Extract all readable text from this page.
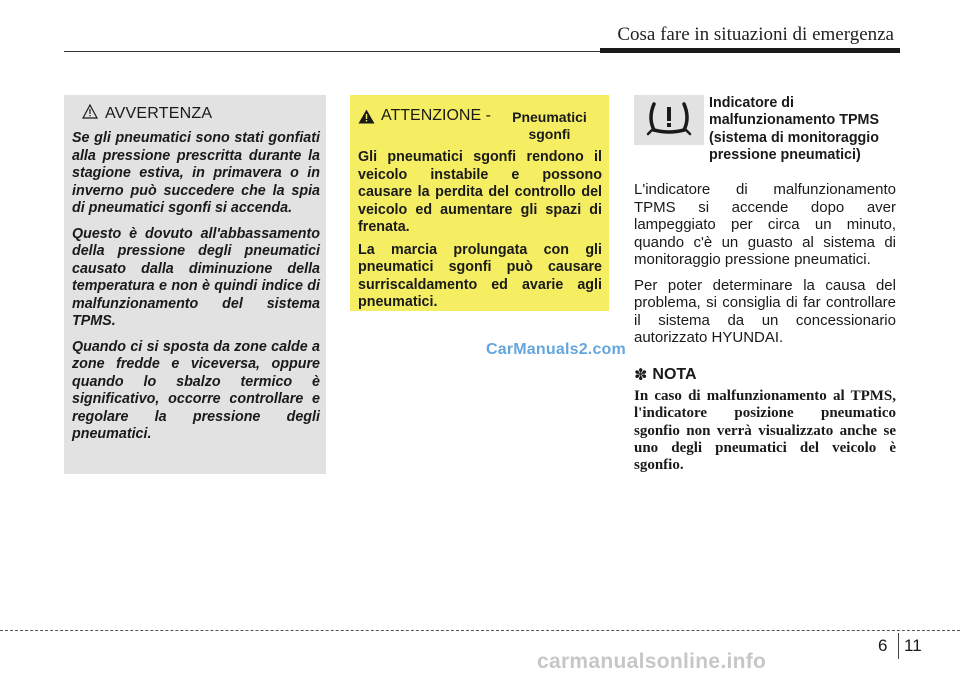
Cosa fare in situazioni di emergenza
AVVERTENZA

Se gli pneumatici sono stati gonfiati alla pressione prescritta durante la stagione estiva, in primavera o in inverno può succedere che la spia di pneumatici sgonfi si accenda.

Questo è dovuto all'abbassamento della pressione degli pneumatici causato dalla diminuzione della temperatura e non è quindi indice di malfunzionamento del sistema TPMS.

Quando ci si sposta da zone calde a zone fredde e viceversa, oppure quando lo sbalzo termico è significativo, occorre controllare e regolare la pressione degli pneumatici.

ATTENZIONE -	Pneumatici sgonfi

Gli pneumatici sgonfi rendono il veicolo instabile e possono causare la perdita del controllo del veicolo ed aumentare gli spazi di frenata.

La marcia prolungata con gli pneumatici sgonfi può causare surriscaldamento ed avarie agli pneumatici.

CarManuals2.com
Indicatore di malfunzionamento TPMS (sistema di monitoraggio pressione pneumatici)

L'indicatore di malfunzionamento TPMS si accende dopo aver lampeggiato per circa un minuto, quando c'è un guasto al sistema di monitoraggio pressione pneumatici.

Per poter determinare la causa del problema, si consiglia di far controllare il sistema da un concessionario autorizzato HYUNDAI.

✽ NOTA

In caso di malfunzionamento al TPMS, l'indicatore posizione pneumatico sgonfio non verrà visualizzato anche se uno degli pneumatici del veicolo è sgonfio.

6 11
carmanualsonline.info
